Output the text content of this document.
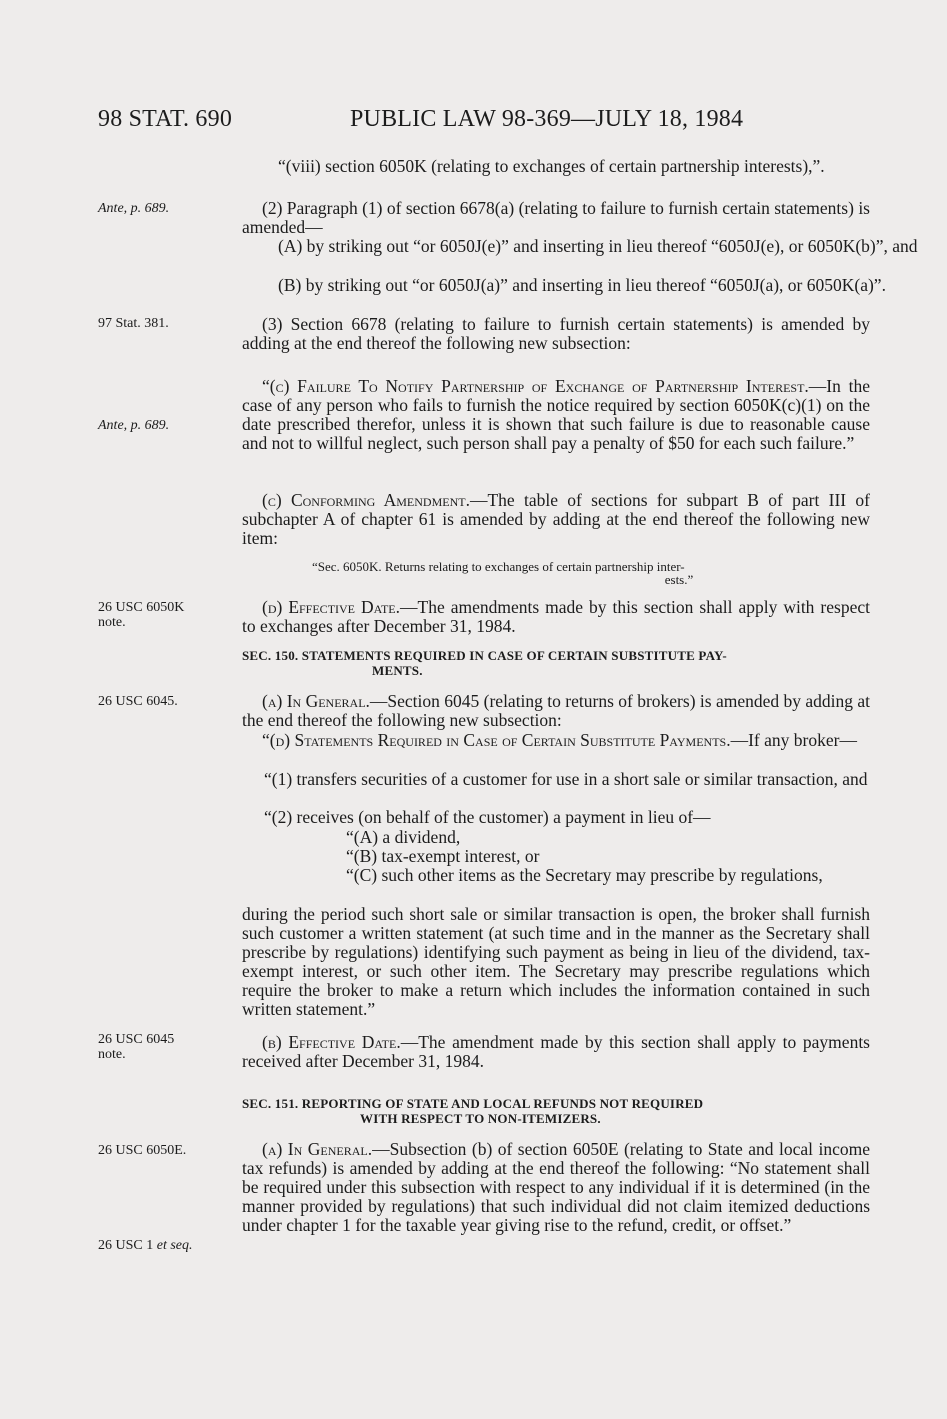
98 STAT. 690	PUBLIC LAW 98-369—JULY 18, 1984
Ante, p. 689.
97 Stat. 381.
Ante, p. 689.
26 USC 6050K
note.
26 USC 6045.
26 USC 6045
note.
26 USC 6050E.
26 USC 1 et seq.

“(viii) section 6050K (relating to exchanges of certain partnership interests),”.

(2) Paragraph (1) of section 6678(a) (relating to failure to furnish certain statements) is amended—

(A) by striking out “or 6050J(e)” and inserting in lieu thereof “6050J(e), or 6050K(b)”, and

(B) by striking out “or 6050J(a)” and inserting in lieu thereof “6050J(a), or 6050K(a)”.

(3) Section 6678 (relating to failure to furnish certain statements) is amended by adding at the end thereof the following new subsection:

“(c) Failure To Notify Partnership of Exchange of Partnership Interest.—In the case of any person who fails to furnish the notice required by section 6050K(c)(1) on the date prescribed therefor, unless it is shown that such failure is due to reasonable cause and not to willful neglect, such person shall pay a penalty of $50 for each such failure.”

(c) Conforming Amendment.—The table of sections for subpart B of part III of subchapter A of chapter 61 is amended by adding at the end thereof the following new item:

“Sec. 6050K. Returns relating to exchanges of certain partnership inter-
ests.”

(d) Effective Date.—The amendments made by this section shall apply with respect to exchanges after December 31, 1984.

SEC. 150. STATEMENTS REQUIRED IN CASE OF CERTAIN SUBSTITUTE PAY-
MENTS.

(a) In General.—Section 6045 (relating to returns of brokers) is amended by adding at the end thereof the following new subsection:

“(d) Statements Required in Case of Certain Substitute Payments.—If any broker—

“(1) transfers securities of a customer for use in a short sale or similar transaction, and

“(2) receives (on behalf of the customer) a payment in lieu of—

“(A) a dividend,

“(B) tax-exempt interest, or

“(C) such other items as the Secretary may prescribe by regulations,

during the period such short sale or similar transaction is open, the broker shall furnish such customer a written statement (at such time and in the manner as the Secretary shall prescribe by regulations) identifying such payment as being in lieu of the dividend, tax-exempt interest, or such other item. The Secretary may prescribe regulations which require the broker to make a return which includes the information contained in such written statement.”

(b) Effective Date.—The amendment made by this section shall apply to payments received after December 31, 1984.

SEC. 151. REPORTING OF STATE AND LOCAL REFUNDS NOT REQUIRED
WITH RESPECT TO NON-ITEMIZERS.

(a) In General.—Subsection (b) of section 6050E (relating to State and local income tax refunds) is amended by adding at the end thereof the following: “No statement shall be required under this subsection with respect to any individual if it is determined (in the manner provided by regulations) that such individual did not claim itemized deductions under chapter 1 for the taxable year giving rise to the refund, credit, or offset.”
